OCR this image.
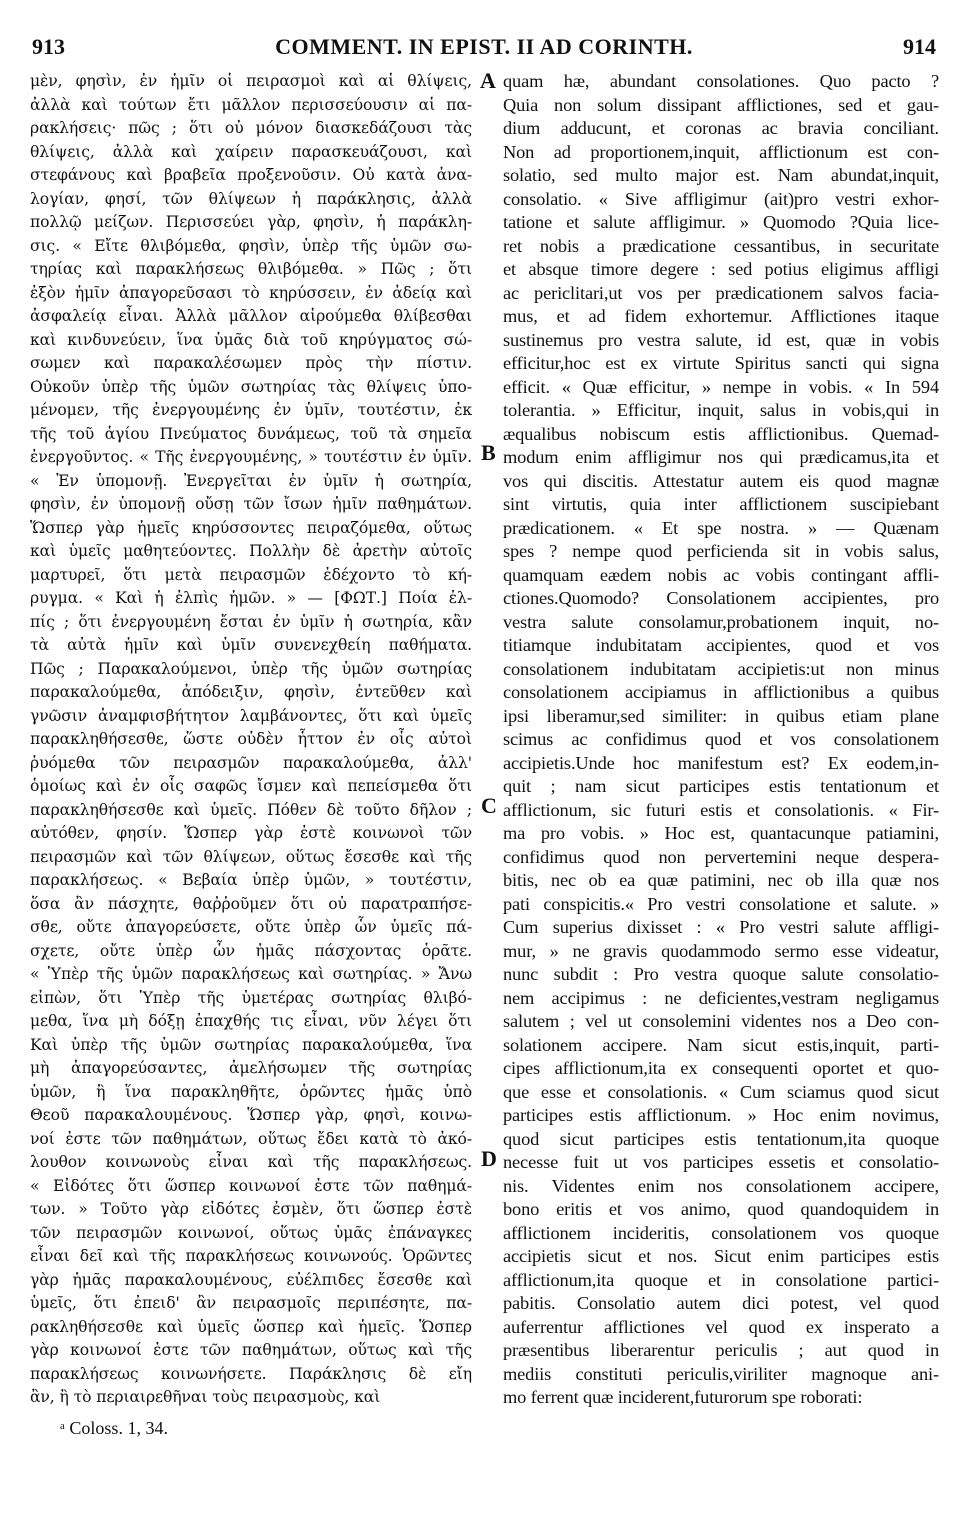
913	COMMENT. IN EPIST. II AD CORINTH.	914
μὲν, φησὶν, ἐν ἡμῖν οἱ πειρασμοὶ καὶ αἱ θλίψεις,
ἀλλὰ καὶ τούτων ἔτι μᾶλλον περισσεύουσιν αἱ πα-
ρακλήσεις· πῶς ; ὅτι οὐ μόνον διασκεδάζουσι τὰς
θλίψεις, ἀλλὰ καὶ χαίρειν παρασκευάζουσι, καὶ
στεφάνους καὶ βραβεῖα προξενοῦσιν. Οὐ κατὰ ἀνα-
λογίαν, φησί, τῶν θλίψεων ἡ παράκλησις, ἀλλὰ
πολλῷ μείζων. Περισσεύει γὰρ, φησὶν, ἡ παράκλη-
σις. « Εἴτε θλιβόμεθα, φησὶν, ὑπὲρ τῆς ὑμῶν σω-
τηρίας καὶ παρακλήσεως θλιβόμεθα. » Πῶς ; ὅτι
ἐξὸν ἡμῖν ἀπαγορεῦσασι τὸ κηρύσσειν, ἐν ἀδείᾳ καὶ
ἀσφαλείᾳ εἶναι. Ἀλλὰ μᾶλλον αἱρούμεθα θλίβεσθαι
καὶ κινδυνεύειν, ἵνα ὑμᾶς διὰ τοῦ κηρύγματος σώ-
σωμεν καὶ παρακαλέσωμεν πρὸς τὴν πίστιν.
Οὐκοῦν ὑπὲρ τῆς ὑμῶν σωτηρίας τὰς θλίψεις ὑπο-
μένομεν, τῆς ἐνεργουμένης ἐν ὑμῖν, τουτέστιν, ἐκ
τῆς τοῦ ἁγίου Πνεύματος δυνάμεως, τοῦ τὰ σημεῖα
ἐνεργοῦντος. « Τῆς ἐνεργουμένης, » τουτέστιν ἐν ὑμῖν.
« Ἐν ὑπομονῇ. Ἐνεργεῖται ἐν ὑμῖν ἡ σωτηρία,
φησὶν, ἐν ὑπομονῇ οὔσῃ τῶν ἴσων ἡμῖν παθημάτων.
Ὥσπερ γὰρ ἡμεῖς κηρύσσοντες πειραζόμεθα, οὕτως
καὶ ὑμεῖς μαθητεύοντες. Πολλὴν δὲ ἀρετὴν αὐτοῖς
μαρτυρεῖ, ὅτι μετὰ πειρασμῶν ἐδέχοντο τὸ κή-
ρυγμα. « Καὶ ἡ ἐλπὶς ἡμῶν. » — [ΦΩΤ.] Ποία ἐλ-
πίς ; ὅτι ἐνεργουμένη ἔσται ἐν ὑμῖν ἡ σωτηρία, κἂν
τὰ αὐτὰ ἡμῖν καὶ ὑμῖν συνενεχθείη παθήματα.
Πῶς ; Παρακαλούμενοι, ὑπὲρ τῆς ὑμῶν σωτηρίας
παρακαλούμεθα, ἀπόδειξιν, φησὶν, ἐντεῦθεν καὶ
γνῶσιν ἀναμφισβήτητον λαμβάνοντες, ὅτι καὶ ὑμεῖς
παρακληθήσεσθε, ὥστε οὐδὲν ἧττον ἐν οἷς αὐτοὶ
ῥυόμεθα τῶν πειρασμῶν παρακαλούμεθα, ἀλλ'
ὁμοίως καὶ ἐν οἷς σαφῶς ἴσμεν καὶ πεπείσμεθα ὅτι
παρακληθήσεσθε καὶ ὑμεῖς. Πόθεν δὲ τοῦτο δῆλον ;
αὐτόθεν, φησίν. Ὥσπερ γὰρ ἐστὲ κοινωνοὶ τῶν
πειρασμῶν καὶ τῶν θλίψεων, οὕτως ἔσεσθε καὶ τῆς
παρακλήσεως. « Βεβαία ὑπὲρ ὑμῶν, » τουτέστιν,
ὅσα ἂν πάσχητε, θαῤῥοῦμεν ὅτι οὐ παρατραπήσε-
σθε, οὔτε ἀπαγορεύσετε, οὔτε ὑπὲρ ὧν ὑμεῖς πά-
σχετε, οὔτε ὑπὲρ ὧν ἡμᾶς πάσχοντας ὁρᾶτε.
« Ὑπὲρ τῆς ὑμῶν παρακλήσεως καὶ σωτηρίας. » Ἄνω
εἰπὼν, ὅτι Ὑπὲρ τῆς ὑμετέρας σωτηρίας θλιβό-
μεθα, ἵνα μὴ δόξῃ ἐπαχθής τις εἶναι, νῦν λέγει ὅτι
Καὶ ὑπὲρ τῆς ὑμῶν σωτηρίας παρακαλούμεθα, ἵνα
μὴ ἀπαγορεύσαντες, ἀμελήσωμεν τῆς σωτηρίας
ὑμῶν, ἢ ἵνα παρακληθῆτε, ὁρῶντες ἡμᾶς ὑπὸ
Θεοῦ παρακαλουμένους. Ὥσπερ γὰρ, φησὶ, κοινω-
νοί ἐστε τῶν παθημάτων, οὕτως ἔδει κατὰ τὸ ἀκό-
λουθον κοινωνοὺς εἶναι καὶ τῆς παρακλήσεως.
« Εἰδότες ὅτι ὥσπερ κοινωνοί ἐστε τῶν παθημά-
των. » Τοῦτο γὰρ εἰδότες ἐσμὲν, ὅτι ὥσπερ ἐστὲ
τῶν πειρασμῶν κοινωνοί, οὕτως ὑμᾶς ἐπάναγκες
εἶναι δεῖ καὶ τῆς παρακλήσεως κοινωνούς. Ὁρῶντες
γὰρ ἡμᾶς παρακαλουμένους, εὐέλπιδες ἔσεσθε καὶ
ὑμεῖς, ὅτι ἐπειδ' ἂν πειρασμοῖς περιπέσητε, πα-
ρακληθήσεσθε καὶ ὑμεῖς ὥσπερ καὶ ἡμεῖς. Ὥσπερ
γὰρ κοινωνοί ἐστε τῶν παθημάτων, οὕτως καὶ τῆς
παρακλήσεως κοινωνήσετε. Παράκλησις δὲ εἴη
ἂν, ἢ τὸ περιαιρεθῆναι τοὺς πειρασμοὺς, καὶ
quam hæ, abundant consolationes. Quo pacto ?
Quia non solum dissipant afflictiones, sed et gau-
dium adducunt, et coronas ac bravia conciliant.
Non ad proportionem,inquit, afflictionum est con-
solatio, sed multo major est. Nam abundat,inquit,
consolatio. « Sive affligimur (ait)pro vestri exhor-
tatione et salute affligimur. » Quomodo ?Quia lice-
ret nobis a prædicatione cessantibus, in securitate
et absque timore degere : sed potius eligimus affligi
ac periclitari,ut vos per prædicationem salvos facia-
mus, et ad fidem exhortemur. Afflictiones itaque
sustinemus pro vestra salute, id est, quæ in vobis
efficitur,hoc est ex virtute Spiritus sancti qui signa
efficit. « Quæ efficitur, » nempe in vobis. « In 594
tolerantia. » Efficitur, inquit, salus in vobis,qui in
æqualibus nobiscum estis afflictionibus. Quemad-
modum enim affligimur nos qui prædicamus,ita et
vos qui discitis. Attestatur autem eis quod magnæ
sint virtutis, quia inter afflictionem suscipiebant
prædicationem. « Et spe nostra. » — Quænam
spes ? nempe quod perficienda sit in vobis salus,
quamquam eædem nobis ac vobis contingant affli-
ctiones.Quomodo? Consolationem accipientes, pro
vestra salute consolamur,probationem inquit, no-
titiamque indubitatam accipientes, quod et vos
consolationem indubitatam accipietis:ut non minus
consolationem accipiamus in afflictionibus a quibus
ipsi liberamur,sed similiter: in quibus etiam plane
scimus ac confidimus quod et vos consolationem
accipietis.Unde hoc manifestum est? Ex eodem,in-
quit ; nam sicut participes estis tentationum et
afflictionum, sic futuri estis et consolationis. « Fir-
ma pro vobis. » Hoc est, quantacunque patiamini,
confidimus quod non pervertemini neque despera-
bitis, nec ob ea quæ patimini, nec ob illa quæ nos
pati conspicitis.« Pro vestri consolatione et salute. »
Cum superius dixisset : « Pro vestri salute affligi-
mur, » ne gravis quodammodo sermo esse videatur,
nunc subdit : Pro vestra quoque salute consolatio-
nem accipimus : ne deficientes,vestram negligamus
salutem ; vel ut consolemini videntes nos a Deo con-
solationem accipere. Nam sicut estis,inquit, parti-
cipes afflictionum,ita ex consequenti oportet et quo-
que esse et consolationis. « Cum sciamus quod sicut
participes estis afflictionum. » Hoc enim novimus,
quod sicut participes estis tentationum,ita quoque
necesse fuit ut vos participes essetis et consolatio-
nis. Videntes enim nos consolationem accipere,
bono eritis et vos animo, quod quandoquidem in
afflictionem incideritis, consolationem vos quoque
accipietis sicut et nos. Sicut enim participes estis
afflictionum,ita quoque et in consolatione partici-
pabitis. Consolatio autem dici potest, vel quod
auferrentur afflictiones vel quod ex insperato a
præsentibus liberarentur periculis ; aut quod in
mediis constituti periculis,viriliter magnoque ani-
mo ferrent quæ inciderent,futurorum spe roborati:
A
B
C
D
ᵃ Coloss. 1, 34.
